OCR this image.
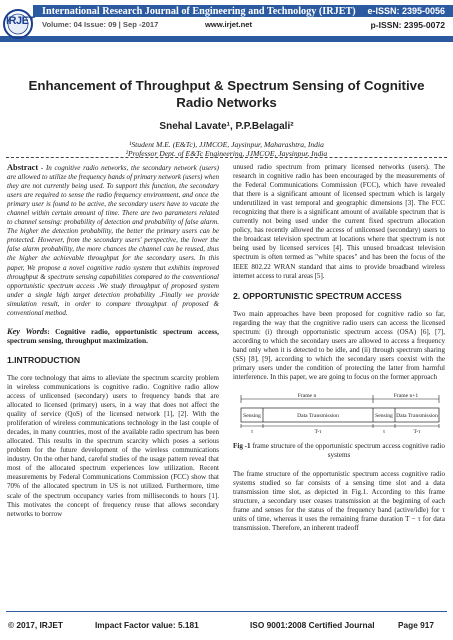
IRJET
International Research Journal of Engineering and Technology (IRJET) e-ISSN: 2395-0056
Volume: 04 Issue: 09 | Sep -2017	www.irjet.net	p-ISSN: 2395-0072
Enhancement of Throughput & Spectrum Sensing of Cognitive Radio Networks
Snehal Lavate¹, P.P.Belagali²
¹Student M.E. (E&Tc), JJMCOE, Jaysinpur, Maharashtra, India
²Professor Dept. of E&Tc Engineering, JJMCOE, Jaysinpur, India

Abstract - In cognitive radio networks, the secondary network (users) are allowed to utilize the frequency bands of primary network (users) when they are not currently being used. To support this function, the secondary users are required to sense the radio frequency environment, and once the primary user is found to be active, the secondary users have to vacate the channel within certain amount of time. There are two parameters related to channel sensing: probability of detection and probability of false alarm. The higher the detection probability, the better the primary users can be protected. However, from the secondary users' perspective, the lower the false alarm probability, the more chances the channel can be reused, thus the higher the achievable throughput for the secondary users. In this paper, We propose a novel cognitive radio system that exhibits improved throughput & spectrum sensing capabilities compared to the conventional opportunistic spectrum access .We study throughput of proposed system under a single high target detection probability .Finally we provide simulation result, in order to compare throughput of proposed & conventional method.

Key Words: Cognitive radio, opportunistic spectrum access, spectrum sensing, throughput maximization.

1.INTRODUCTION

The core technology that aims to alleviate the spectrum scarcity problem in wireless communications is cognitive radio. Cognitive radio allow access of unlicensed (secondary) users to frequency bands that are allocated to licensed (primary) users, in a way that does not affect the quality of service (QoS) of the licensed network [1], [2]. With the proliferation of wireless communications technology in the last couple of decades, in many countries, most of the available radio spectrum has been allocated. This results in the spectrum scarcity which poses a serious problem for the future development of the wireless communications industry. On the other hand, careful studies of the usage pattern reveal that most of the allocated spectrum experiences low utilization. Recent measurements by Federal Communications Commission (FCC) show that 70% of the allocated spectrum in US is not utilized. Furthermore, time scale of the spectrum occupancy varies from milliseconds to hours [1]. This motivates the concept of frequency reuse that allows secondary networks to borrow

unused radio spectrum from primary licensed networks (users). The research in cognitive radio has been encouraged by the measurements of the Federal Communications Commission (FCC), which have revealed that there is a significant amount of licensed spectrum which is largely underutilized in vast temporal and geographic dimensions [3]. The FCC recognizing that there is a significant amount of available spectrum that is currently not being used under the current fixed spectrum allocation policy, has recently allowed the access of unlicensed (secondary) users to the broadcast television spectrum at locations where that spectrum is not being used by licensed services [4]. This unused broadcast television spectrum is often termed as "white spaces" and has been the focus of the IEEE 802.22 WRAN standard that aims to provide broadband wireless internet access to rural areas [5].

2. OPPORTUNISTIC SPECTRUM ACCESS

Two main approaches have been proposed for cognitive radio so far, regarding the way that the cognitive radio users can access the licensed spectrum: (i) through opportunistic spectrum access (OSA) [6], [7], according to which the secondary users are allowed to access a frequency band only when it is detected to be idle, and (ii) through spectrum sharing (SS) [8], [9], according to which the secondary users coexist with the primary users under the condition of protecting the latter from harmful interference. In this paper, we are going to focus on the former approach

Frame n	Frame n+1
Sensing	Data Transmission	Sensing Data Transmission
τ	T-τ	τ	T-τ
Fig -1 frame structure of the opportunistic spectrum access cognitive radio systems

The frame structure of the opportunistic spectrum access cognitive radio systems studied so far consists of a sensing time slot and a data transmission time slot, as depicted in Fig.1. According to this frame structure, a secondary user ceases transmission at the beginning of each frame and senses for the status of the frequency band (active/idle) for τ units of time, whereas it uses the remaining frame duration T − τ for data transmission. Therefore, an inherent tradeoff

© 2017, IRJET	Impact Factor value: 5.181	ISO 9001:2008 Certified Journal	Page 917
